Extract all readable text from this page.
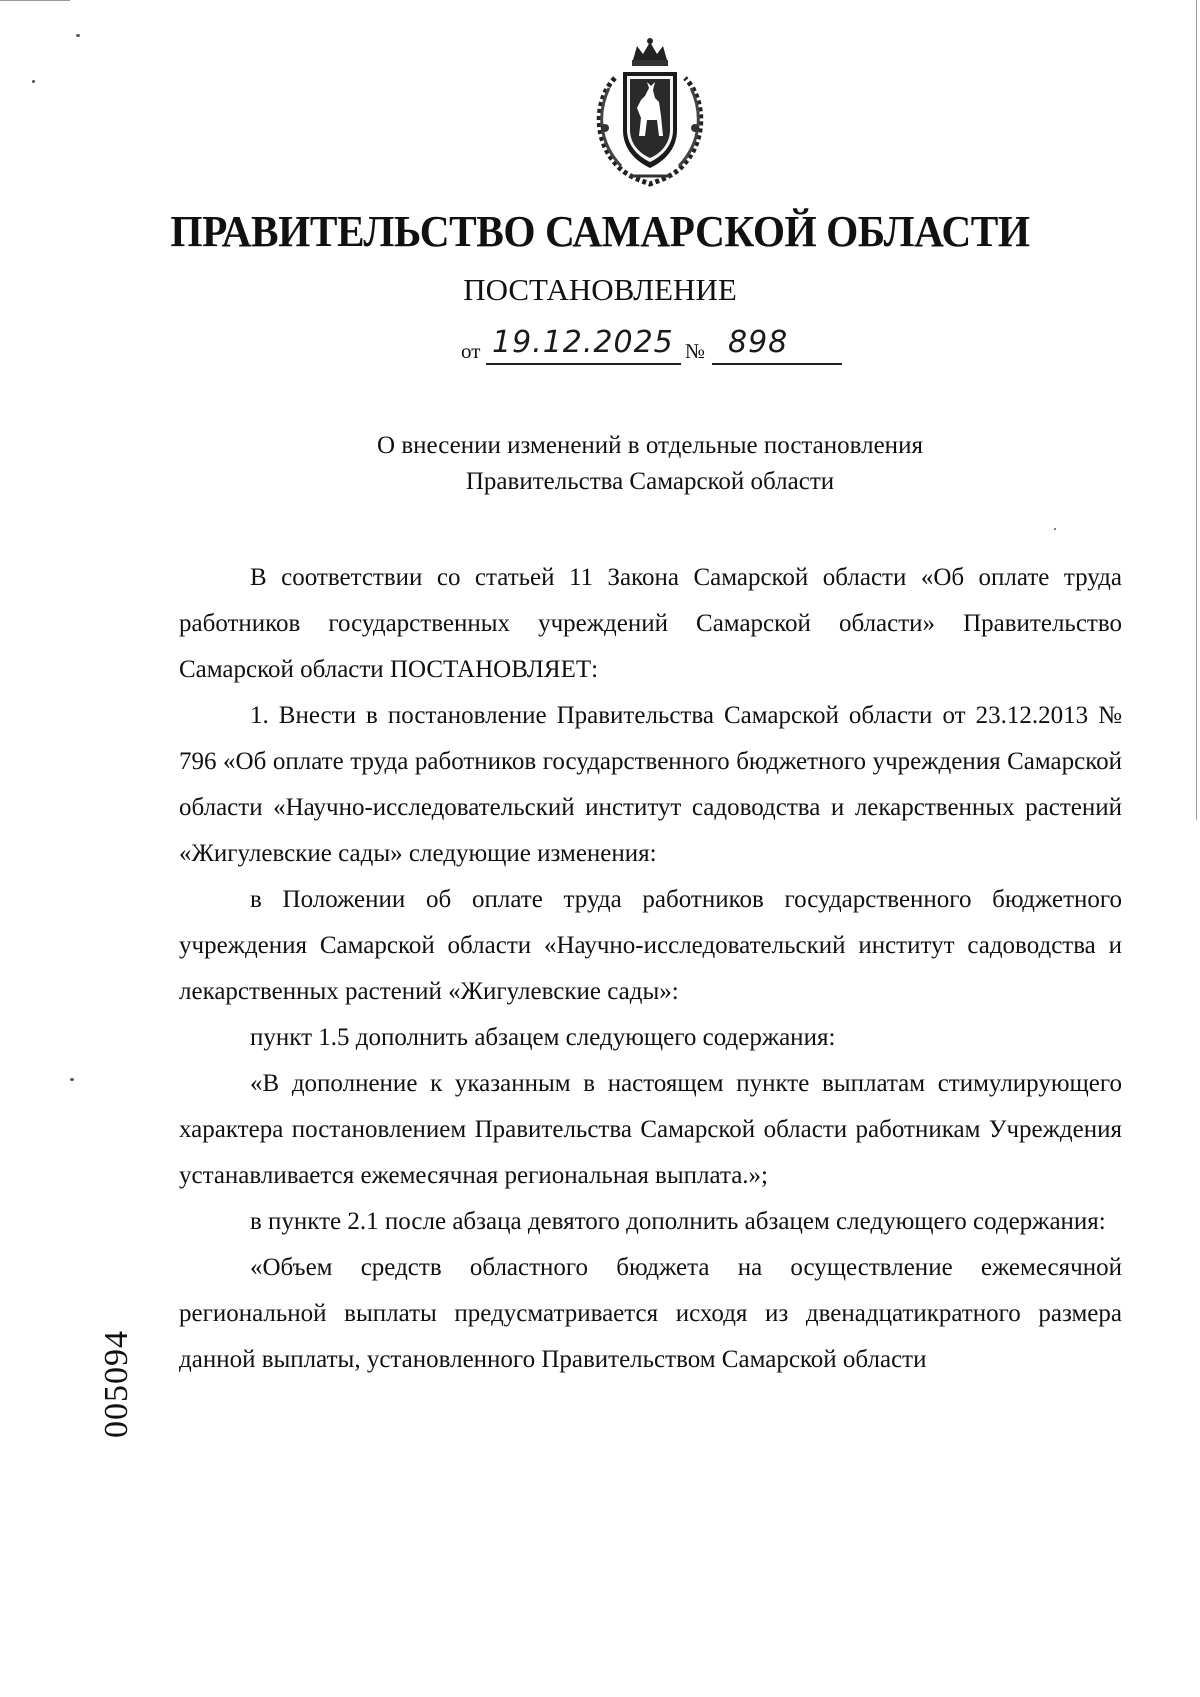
ПРАВИТЕЛЬСТВО САМАРСКОЙ ОБЛАСТИ
ПОСТАНОВЛЕНИЕ
от 19.12.2025 № 898
О внесении изменений в отдельные постановления
Правительства Самарской области

В соответствии со статьей 11 Закона Самарской области «Об оплате труда работников государственных учреждений Самарской области» Правительство Самарской области ПОСТАНОВЛЯЕТ:

1. Внести в постановление Правительства Самарской области от 23.12.2013 № 796 «Об оплате труда работников государственного бюджетного учреждения Самарской области «Научно-исследовательский институт садоводства и лекарственных растений «Жигулевские сады» следующие изменения:

в Положении об оплате труда работников государственного бюджетного учреждения Самарской области «Научно-исследовательский институт садоводства и лекарственных растений «Жигулевские сады»:

пункт 1.5 дополнить абзацем следующего содержания:

«В дополнение к указанным в настоящем пункте выплатам стимулирующего характера постановлением Правительства Самарской области работникам Учреждения устанавливается ежемесячная региональная выплата.»;

в пункте 2.1 после абзаца девятого дополнить абзацем следующего содержания:

«Объем средств областного бюджета на осуществление ежемесячной региональной выплаты предусматривается исходя из двенадцатикратного размера данной выплаты, установленного Правительством Самарской области

005094
